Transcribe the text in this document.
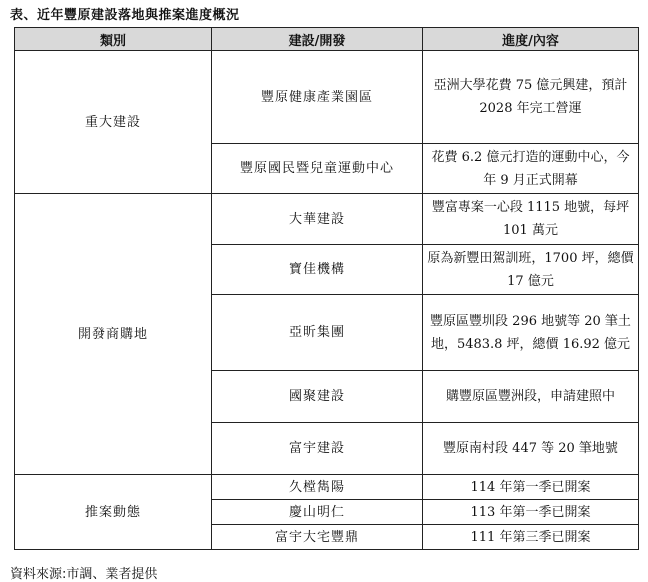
表、近年豐原建設落地與推案進度概況
類別	建設/開發	進度/內容
重大建設	豐原健康產業園區	亞洲大學花費 75 億元興建，預計 2028 年完工營運
	豐原國民暨兒童運動中心	花費 6.2 億元打造的運動中心，今年 9 月正式開幕
開發商購地	大華建設	豐富專案一心段 1115 地號，每坪 101 萬元
	寶佳機構	原為新豐田駕訓班，1700 坪，總價 17 億元
	亞昕集團	豐原區豐圳段 296 地號等 20 筆土地，5483.8 坪，總價 16.92 億元
	國聚建設	購豐原區豐洲段，申請建照中
	富宇建設	豐原南村段 447 等 20 筆地號
推案動態	久樘雋陽	114 年第一季已開案
	慶山明仁	113 年第一季已開案
	富宇大宅豐鼎	111 年第三季已開案
資料來源:市調、業者提供
